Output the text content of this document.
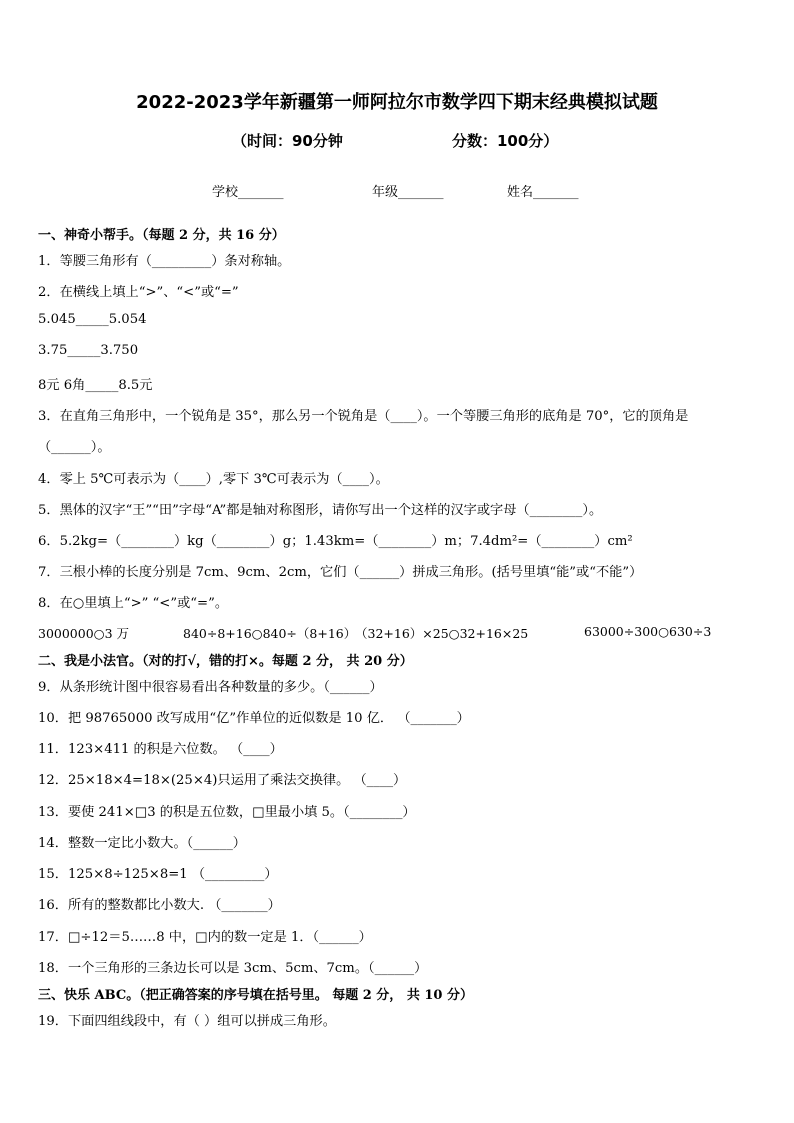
2022-2023学年新疆第一师阿拉尔市数学四下期末经典模拟试题
（时间：90分钟	分数：100分）
学校_______	年级_______	姓名_______
一、神奇小帮手。（每题 2 分，共 16 分）
1．等腰三角形有（_________）条对称轴。
2．在横线上填上“>”、“<”或“=”
5.045_____5.054
3.75_____3.750
8元 6角_____8.5元
3．在直角三角形中，一个锐角是 35°，那么另一个锐角是（____）。一个等腰三角形的底角是 70°，它的顶角是
（______）。
4．零上 5℃可表示为（____）,零下 3℃可表示为（____）。
5．黑体的汉字“王”“田”字母“A”都是轴对称图形，请你写出一个这样的汉字或字母（________）。
6．5.2kg=（________）kg（________）g；1.43km=（________）m；7.4dm²=（________）cm²
7．三根小棒的长度分别是 7cm、9cm、2cm，它们（______）拼成三角形。(括号里填“能”或“不能”）
8．在○里填上“>” “<”或“=”。
3000000○3 万	840÷8+16○840÷（8+16）
（32+16）×25○32+16×25	63000÷300○630÷3
二、我是小法官。（对的打√，错的打×。每题 2 分， 共 20 分）
9．从条形统计图中很容易看出各种数量的多少。（______）
10．把 98765000 改写成用“亿”作单位的近似数是 10 亿． （_______）
11．123×411 的积是六位数。 （____）
12．25×18×4=18×(25×4)只运用了乘法交换律。 （____）
13．要使 241×□3 的积是五位数，□里最小填 5。（________）
14．整数一定比小数大。（______）
15．125×8÷125×8=1 （_________）
16．所有的整数都比小数大. （_______）
17．□÷12＝5……8 中，□内的数一定是 1．（______）
18．一个三角形的三条边长可以是 3cm、5cm、7cm。（______）
三、快乐 ABC。（把正确答案的序号填在括号里。 每题 2 分， 共 10 分）
19．下面四组线段中，有（ ）组可以拼成三角形。
